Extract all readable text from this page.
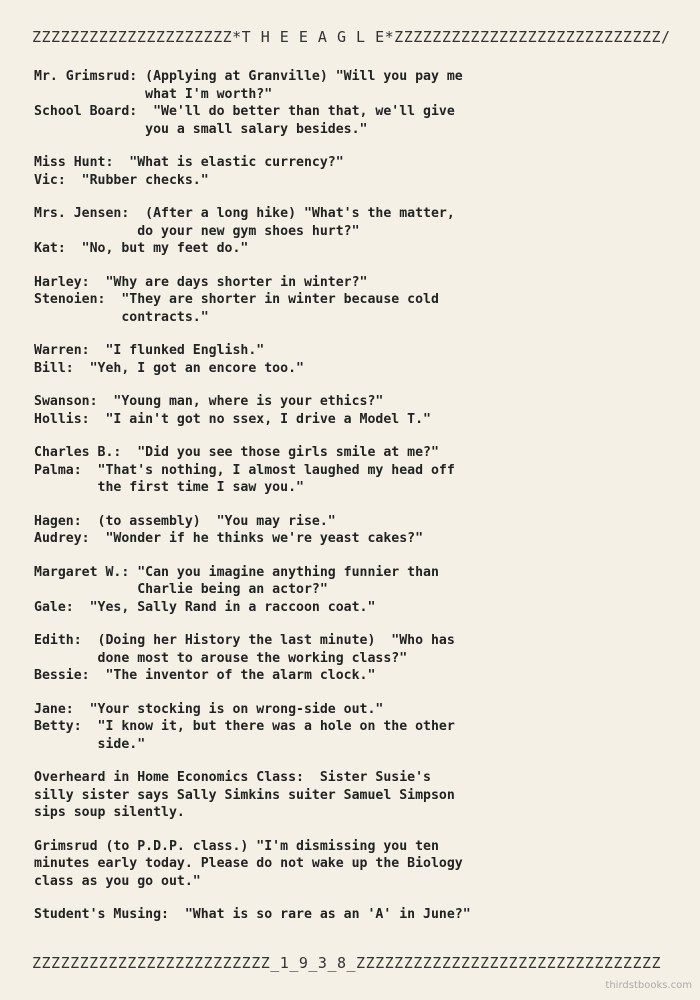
ZZZZZZZZZZZZZZZZZZZZZ*T H E E A G L E*ZZZZZZZZZZZZZZZZZZZZZZZZZZZZ/
Mr. Grimsrud: (Applying at Granville) "Will you pay me
what I'm worth?"
School Board:  "We'll do better than that, we'll give
you a small salary besides."
Miss Hunt:  "What is elastic currency?"
Vic:  "Rubber checks."
Mrs. Jensen:  (After a long hike) "What's the matter,
do your new gym shoes hurt?"
Kat:  "No, but my feet do."
Harley:  "Why are days shorter in winter?"
Stenoien:  "They are shorter in winter because cold
contracts."
Warren:  "I flunked English."
Bill:  "Yeh, I got an encore too."
Swanson:  "Young man, where is your ethics?"
Hollis:  "I ain't got no ssex, I drive a Model T."
Charles B.:  "Did you see those girls smile at me?"
Palma:  "That's nothing, I almost laughed my head off
the first time I saw you."
Hagen:  (to assembly)  "You may rise."
Audrey:  "Wonder if he thinks we're yeast cakes?"
Margaret W.: "Can you imagine anything funnier than
Charlie being an actor?"
Gale:  "Yes, Sally Rand in a raccoon coat."
Edith:  (Doing her History the last minute)  "Who has
done most to arouse the working class?"
Bessie:  "The inventor of the alarm clock."
Jane:  "Your stocking is on wrong-side out."
Betty:  "I know it, but there was a hole on the other
side."
Overheard in Home Economics Class:  Sister Susie's
silly sister says Sally Simkins suiter Samuel Simpson
sips soup silently.
Grimsrud (to P.D.P. class.) "I'm dismissing you ten
minutes early today. Please do not wake up the Biology
class as you go out."
Student's Musing:  "What is so rare as an 'A' in June?"
ZZZZZZZZZZZZZZZZZZZZZZZZZ_1_9_3_8_ZZZZZZZZZZZZZZZZZZZZZZZZZZZZZZZZ
thirdstbooks.com
